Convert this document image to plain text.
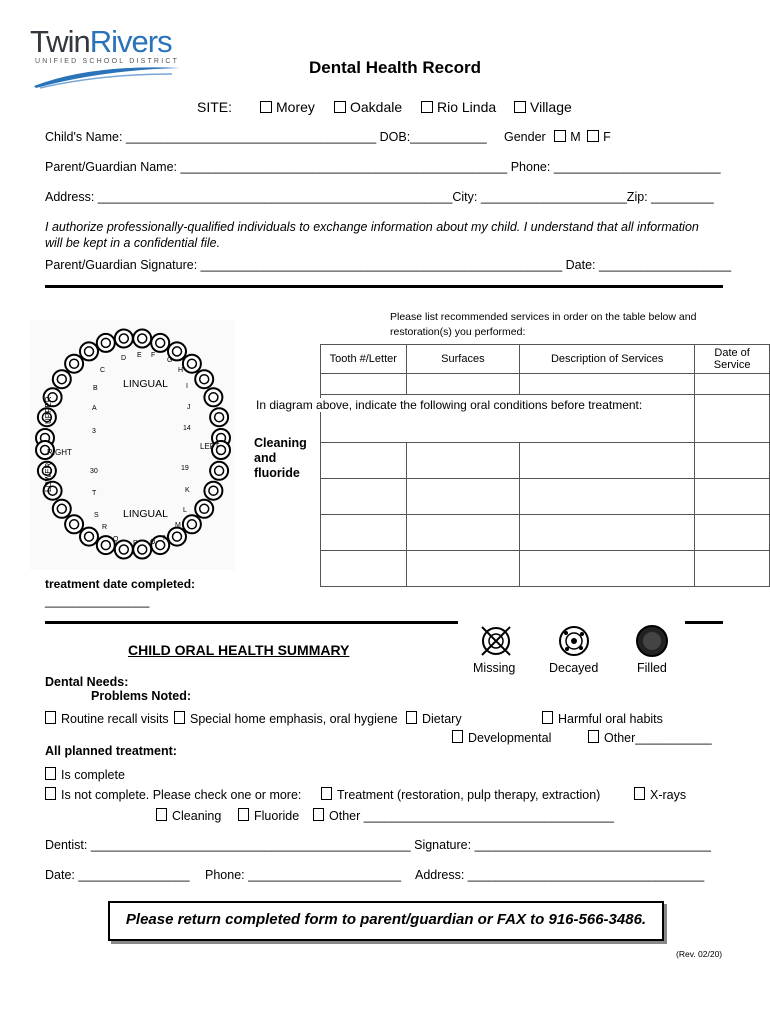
TwinRivers
UNIFIED SCHOOL DISTRICT	Dental Health Record
SITE:	Morey	Oakdale	Rio Linda	Village
Child's Name: ____________________________________ DOB:___________ Gender M F
Parent/Guardian Name: _______________________________________________ Phone: ________________________
Address: ___________________________________________________City: _____________________Zip: _________
I authorize professionally-qualified individuals to exchange information about my child. I understand that all information will be kept in a confidential file.
Parent/Guardian Signature: ____________________________________________________ Date: ___________________
C
D E F
G
H
B
A
3
30
T
S
R
I
J
14
19
K
L
M
Q
P O
N
LINGUAL
LINGUAL
RIGHT
LEFT
UPPER
LOWER
Please list recommended services in order on the table below and restoration(s) you performed:
Tooth #/Letter	Surfaces	Description of Services	Date of Service

In diagram above, indicate the following oral conditions before treatment:
Cleaning and fluoride
treatment date completed:
_______________
CHILD ORAL HEALTH SUMMARY
Missing	Decayed	Filled
Dental Needs:
Problems Noted:
Routine recall visits	Special home emphasis, oral hygiene	Dietary	Harmful oral habits
Developmental	Other___________
All planned treatment:
Is complete
Is not complete. Please check one or more:	Treatment (restoration, pulp therapy, extraction)	X-rays
Cleaning	Fluoride	Other ____________________________________
Dentist: ______________________________________________ Signature: __________________________________
Date: ________________ Phone: ______________________ Address: __________________________________
Please return completed form to parent/guardian or FAX to 916-566-3486.
(Rev. 02/20)
